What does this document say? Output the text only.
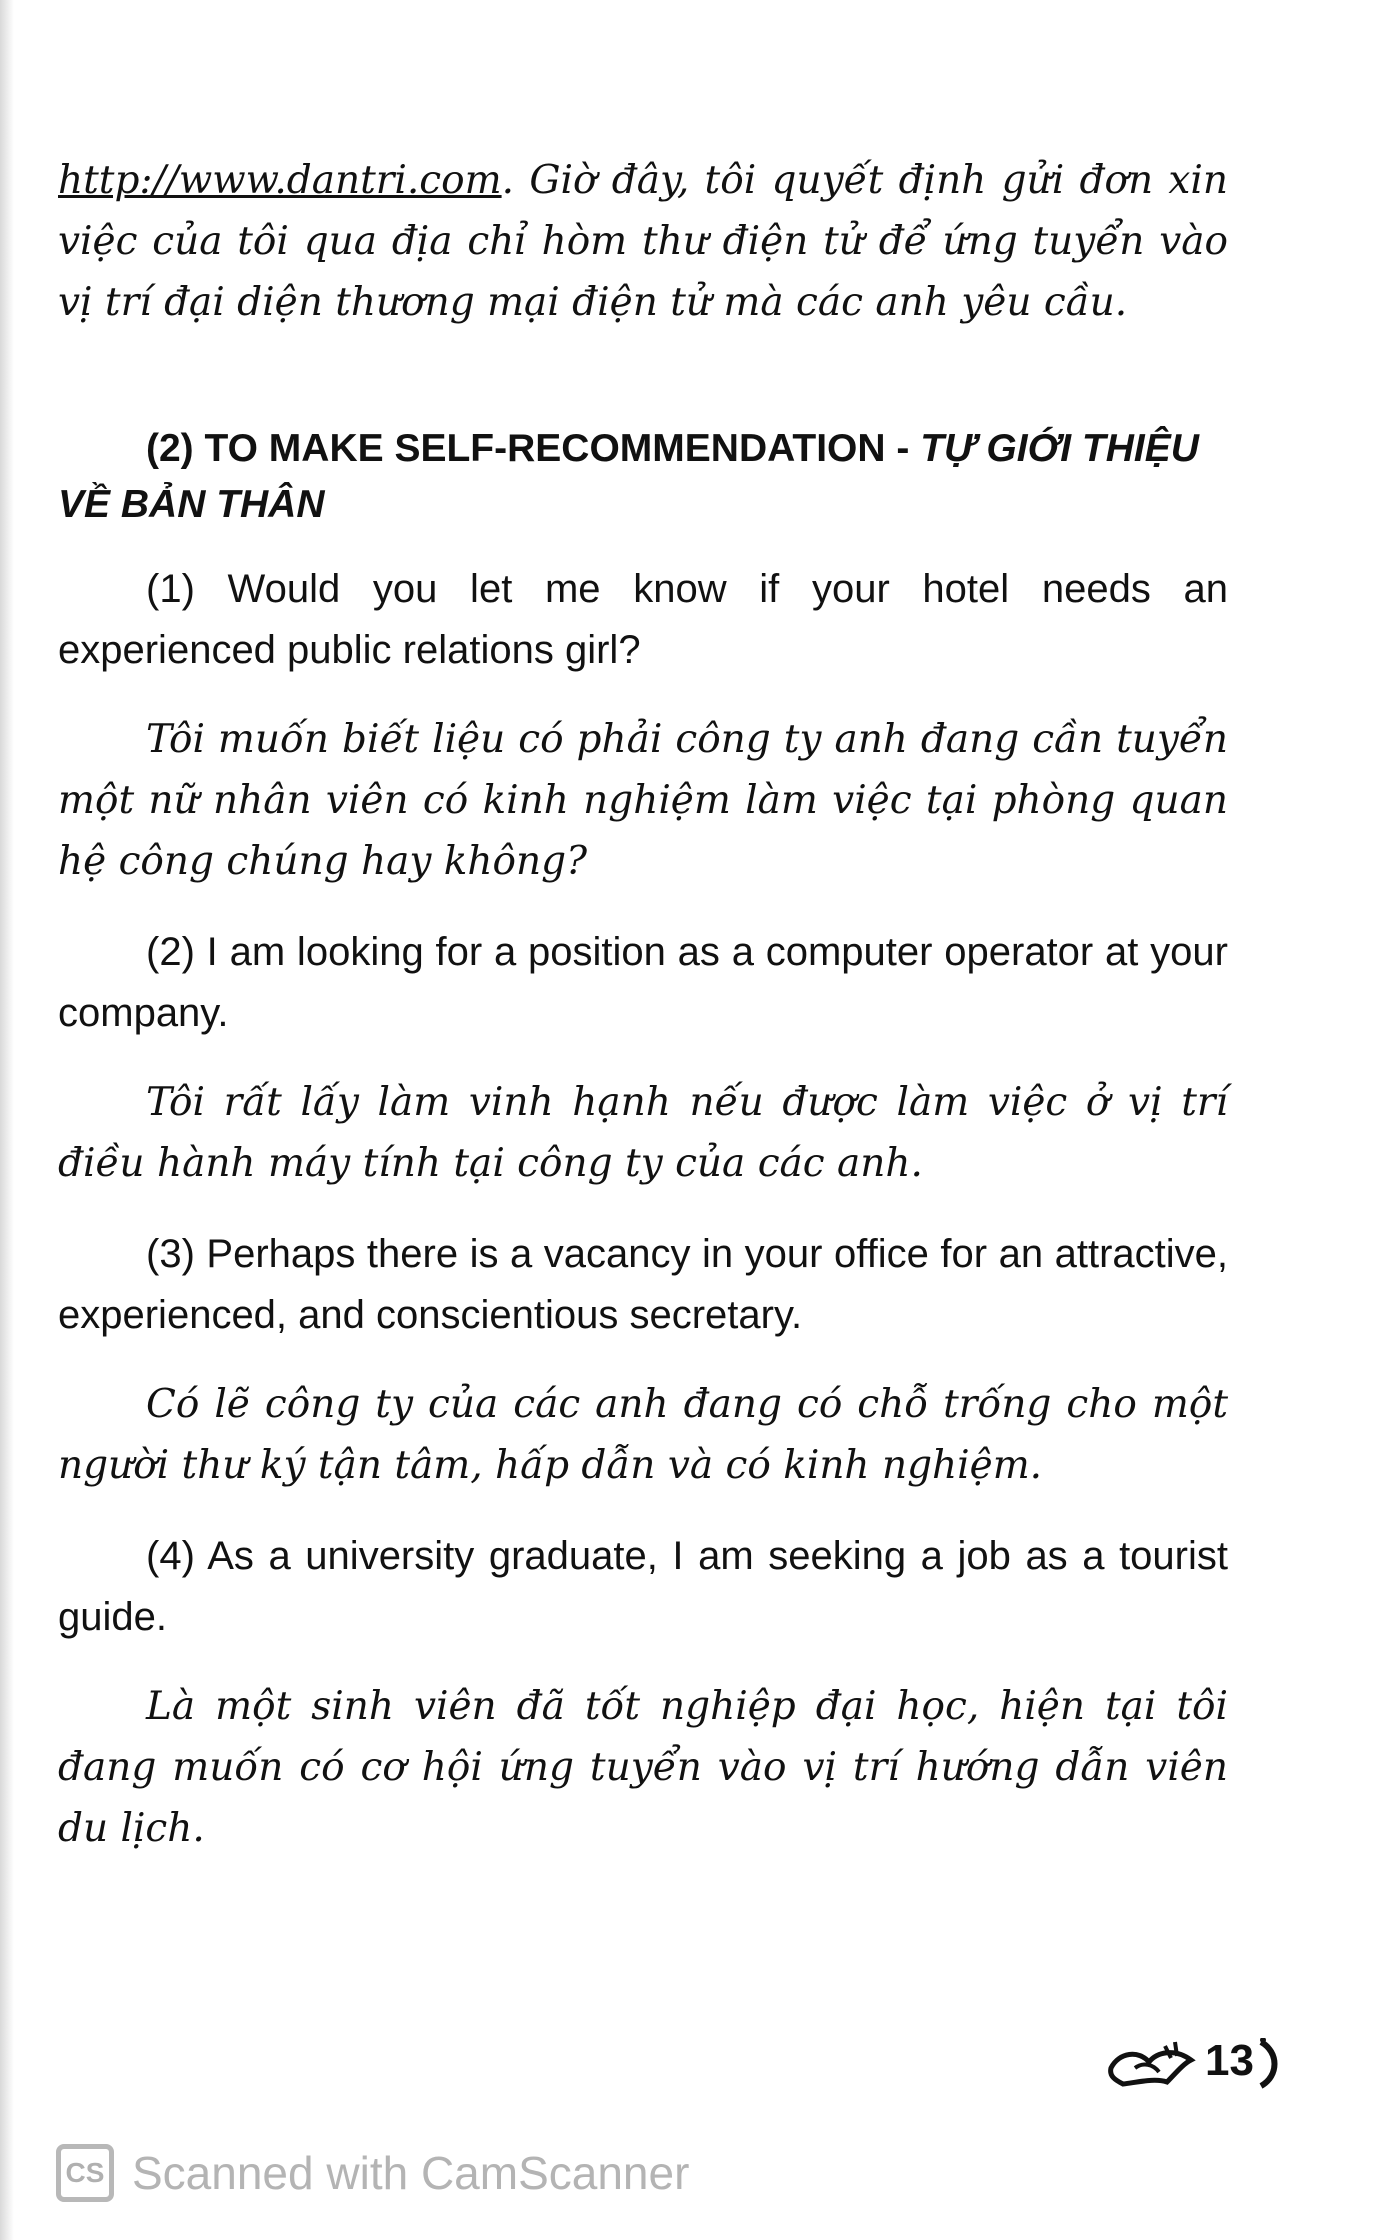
http://www.dantri.com. Giờ đây, tôi quyết định gửi đơn xin việc của tôi qua địa chỉ hòm thư điện tử để ứng tuyển vào vị trí đại diện thương mại điện tử mà các anh yêu cầu.

(2) TO MAKE SELF-RECOMMENDATION - TỰ GIỚI THIỆU VỀ BẢN THÂN

(1) Would you let me know if your hotel needs an experienced public relations girl?

Tôi muốn biết liệu có phải công ty anh đang cần tuyển một nữ nhân viên có kinh nghiệm làm việc tại phòng quan hệ công chúng hay không?

(2) I am looking for a position as a computer operator at your company.

Tôi rất lấy làm vinh hạnh nếu được làm việc ở vị trí điều hành máy tính tại công ty của các anh.

(3) Perhaps there is a vacancy in your office for an attractive, experienced, and conscientious secretary.

Có lẽ công ty của các anh đang có chỗ trống cho một người thư ký tận tâm, hấp dẫn và có kinh nghiệm.

(4) As a university graduate, I am seeking a job as a tourist guide.

Là một sinh viên đã tốt nghiệp đại học, hiện tại tôi đang muốn có cơ hội ứng tuyển vào vị trí hướng dẫn viên du lịch.

13
CS Scanned with CamScanner
